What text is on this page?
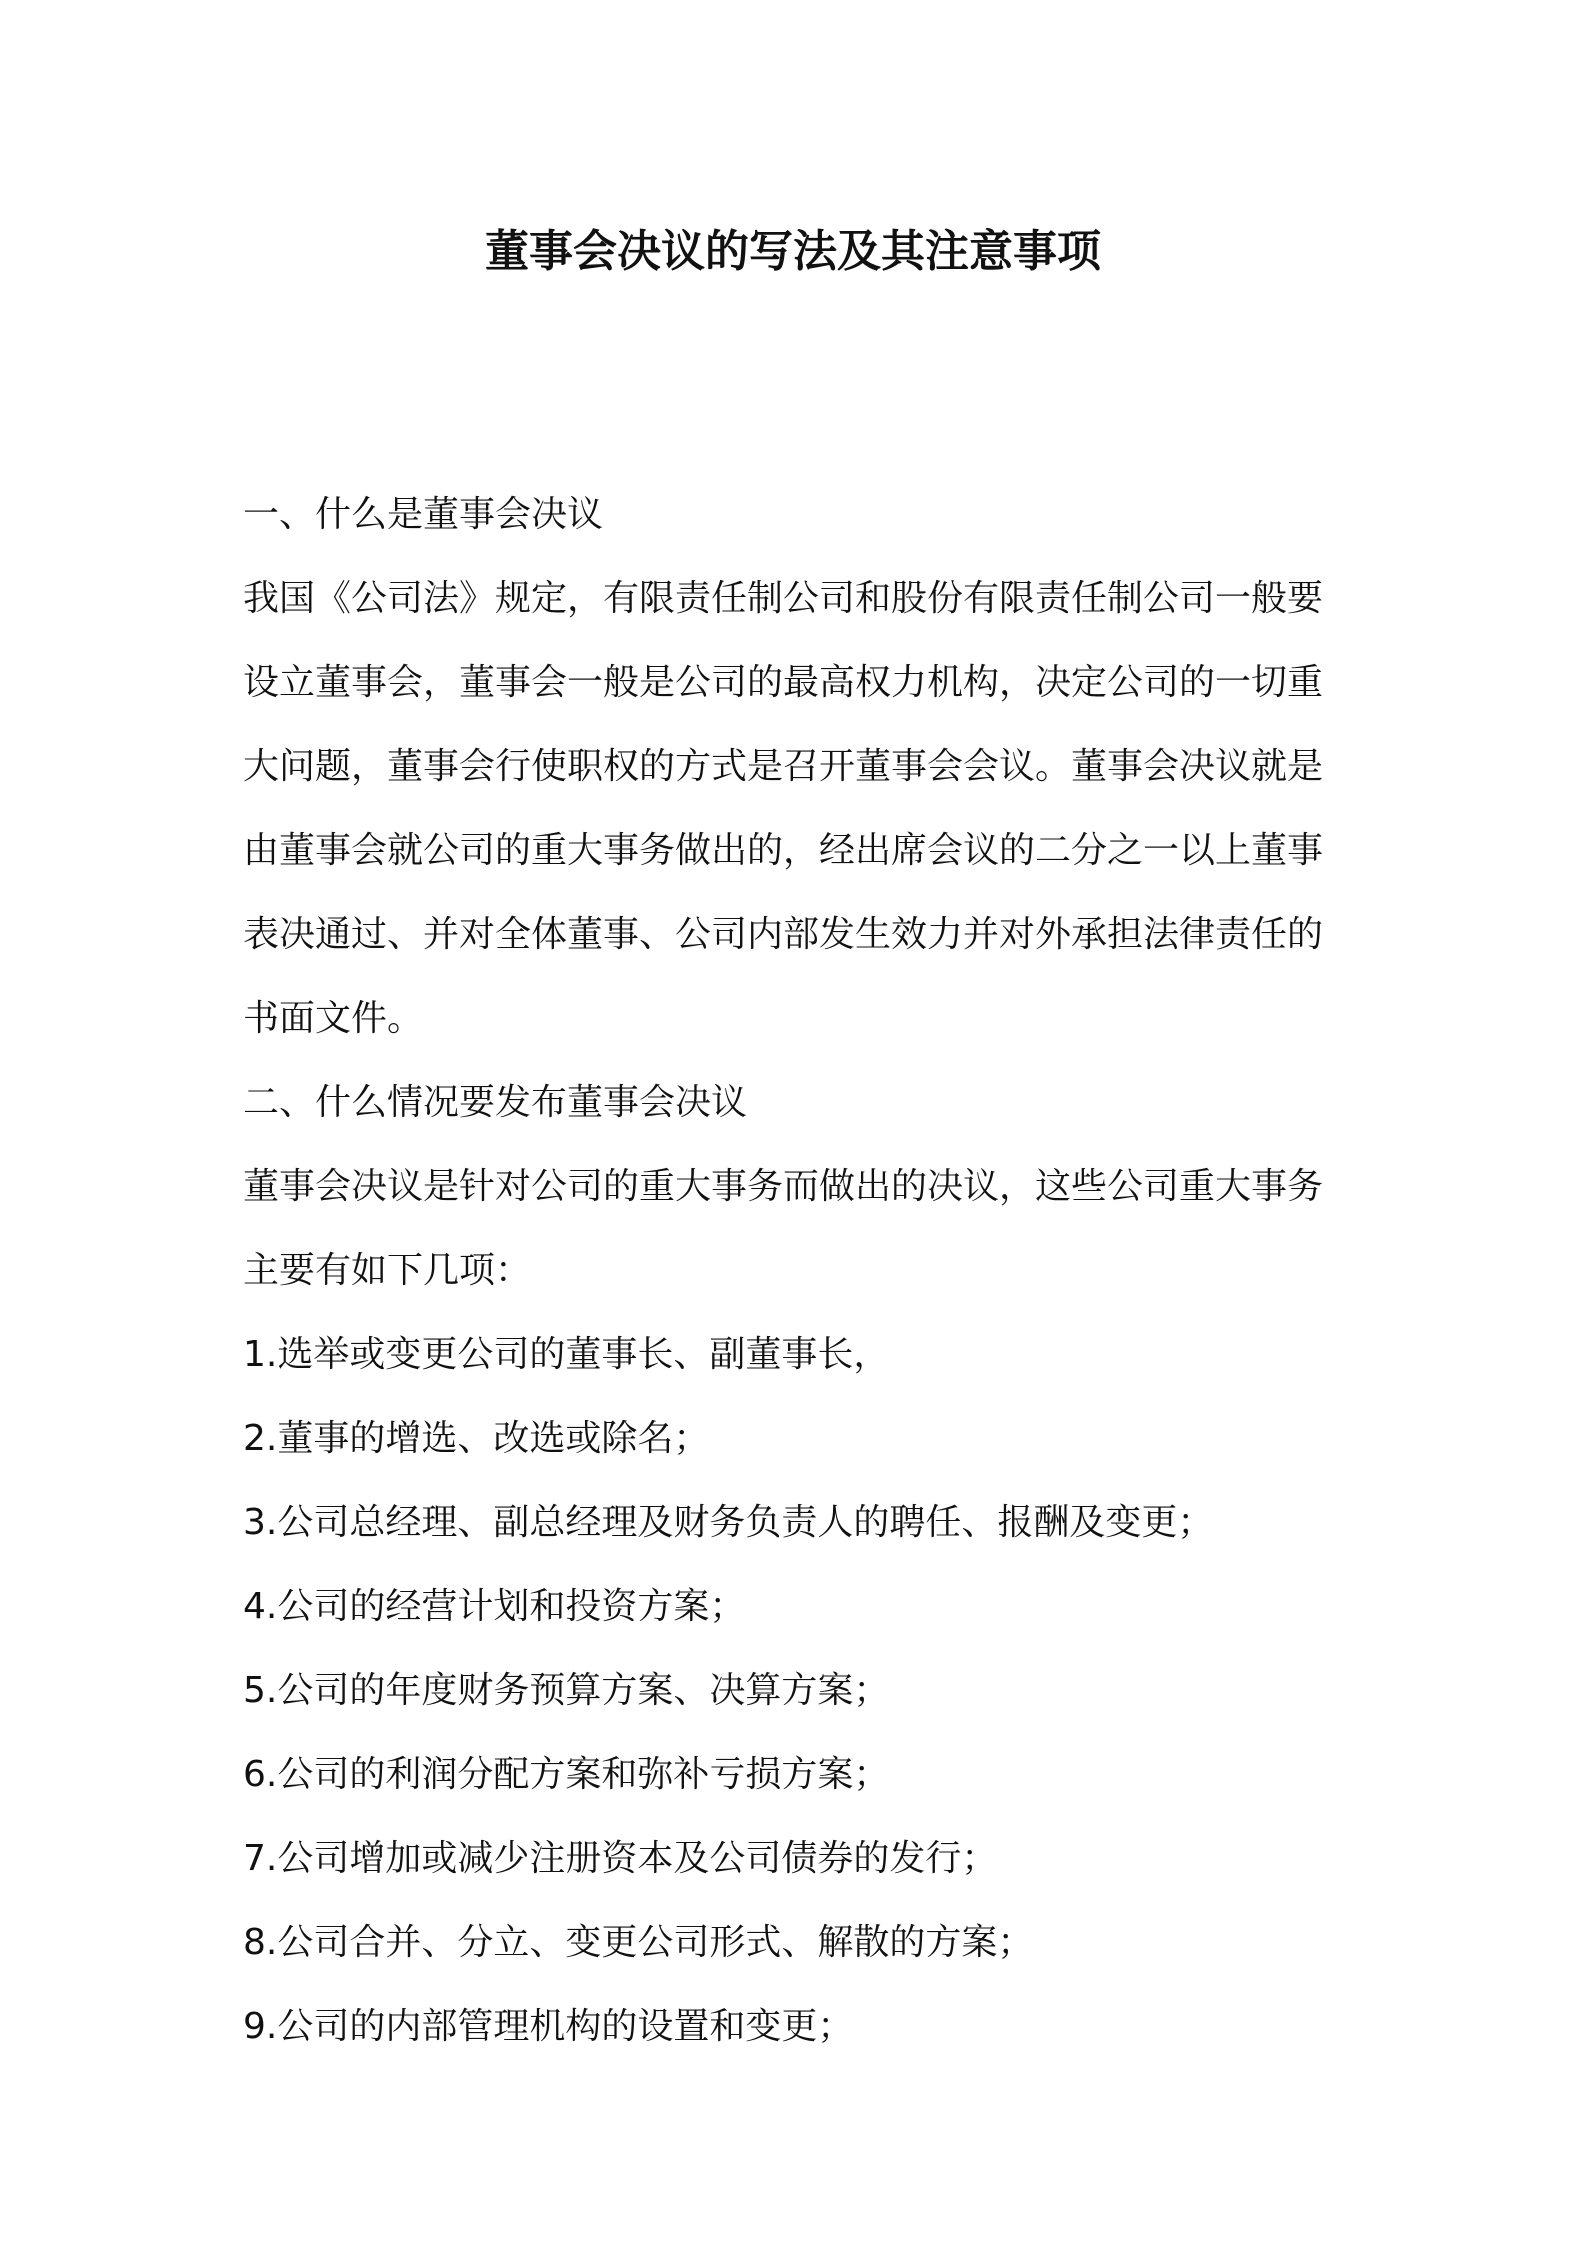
董事会决议的写法及其注意事项
一、什么是董事会决议
我国《公司法》规定，有限责任制公司和股份有限责任制公司一般要
设立董事会，董事会一般是公司的最高权力机构，决定公司的一切重
大问题，董事会行使职权的方式是召开董事会会议。董事会决议就是
由董事会就公司的重大事务做出的，经出席会议的二分之一以上董事
表决通过、并对全体董事、公司内部发生效力并对外承担法律责任的
书面文件。
二、什么情况要发布董事会决议
董事会决议是针对公司的重大事务而做出的决议，这些公司重大事务
主要有如下几项：
1.选举或变更公司的董事长、副董事长，
2.董事的增选、改选或除名；
3.公司总经理、副总经理及财务负责人的聘任、报酬及变更；
4.公司的经营计划和投资方案；
5.公司的年度财务预算方案、决算方案；
6.公司的利润分配方案和弥补亏损方案；
7.公司增加或减少注册资本及公司债券的发行；
8.公司合并、分立、变更公司形式、解散的方案；
9.公司的内部管理机构的设置和变更；
